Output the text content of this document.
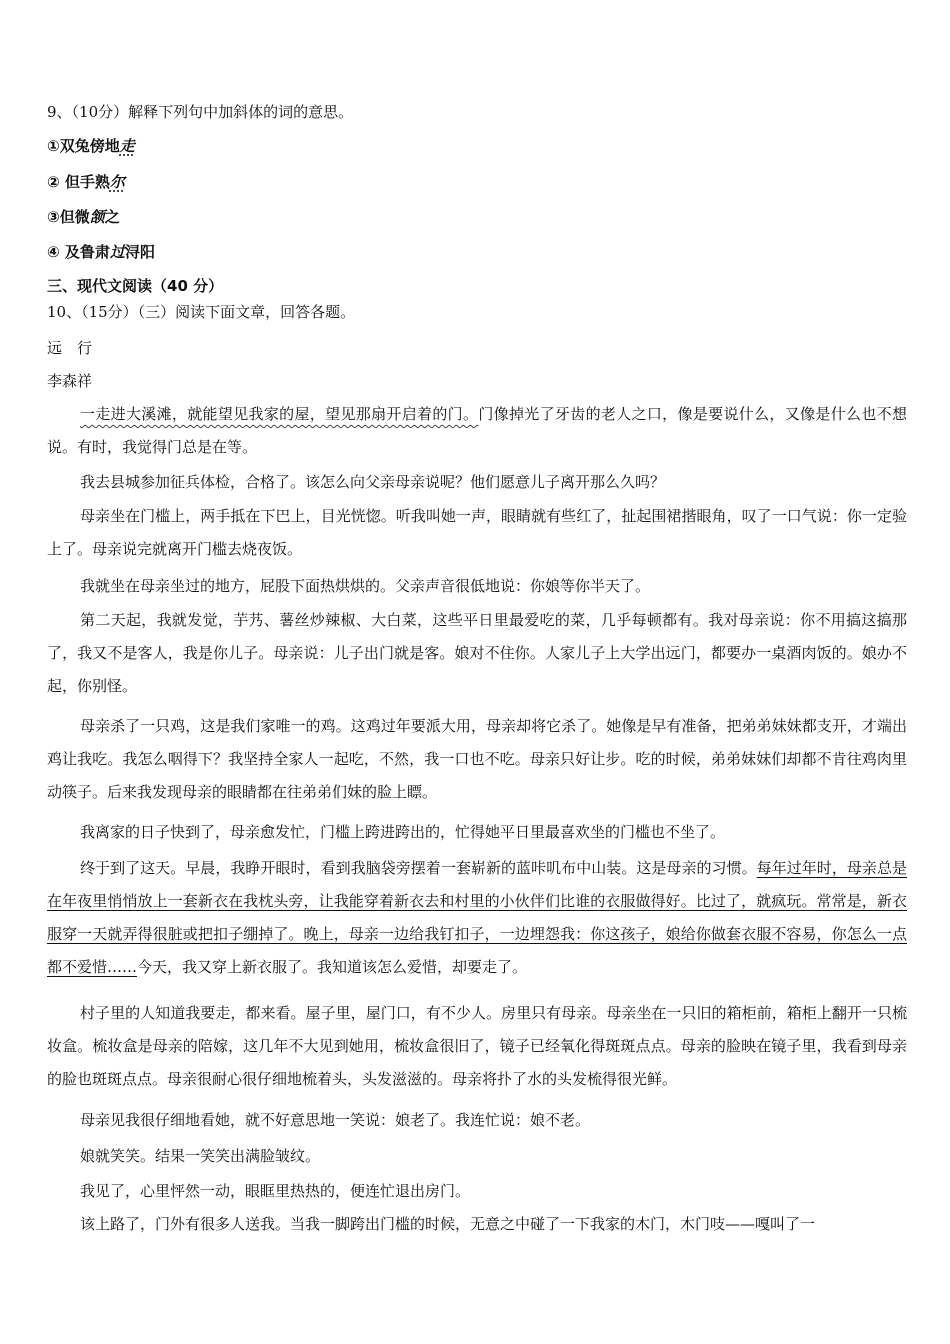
9、（10分）解释下列句中加斜体的词的意思。
①双兔傍地走
② 但手熟尔
③但微颔之
④ 及鲁肃过浔阳
三、现代文阅读（40 分）
10、（15分）（三）阅读下面文章，回答各题。
远　行
李森祥
一走进大溪滩，就能望见我家的屋，望见那扇开启着的门。门像掉光了牙齿的老人之口，像是要说什么，又像是什么也不想说。有时，我觉得门总是在等。
我去县城参加征兵体检，合格了。该怎么向父亲母亲说呢？他们愿意儿子离开那么久吗？
母亲坐在门槛上，两手抵在下巴上，目光恍惚。听我叫她一声，眼睛就有些红了，扯起围裙揩眼角，叹了一口气说：你一定验上了。母亲说完就离开门槛去烧夜饭。
我就坐在母亲坐过的地方，屁股下面热烘烘的。父亲声音很低地说：你娘等你半天了。
第二天起，我就发觉，芋艿、薯丝炒辣椒、大白菜，这些平日里最爱吃的菜，几乎每顿都有。我对母亲说：你不用搞这搞那了，我又不是客人，我是你儿子。母亲说：儿子出门就是客。娘对不住你。人家儿子上大学出远门，都要办一桌酒肉饭的。娘办不起，你别怪。
母亲杀了一只鸡，这是我们家唯一的鸡。这鸡过年要派大用，母亲却将它杀了。她像是早有准备，把弟弟妹妹都支开，才端出鸡让我吃。我怎么咽得下？我坚持全家人一起吃，不然，我一口也不吃。母亲只好让步。吃的时候，弟弟妹妹们却都不肯往鸡肉里动筷子。后来我发现母亲的眼睛都在往弟弟们妹的脸上瞟。
我离家的日子快到了，母亲愈发忙，门槛上跨进跨出的，忙得她平日里最喜欢坐的门槛也不坐了。
终于到了这天。早晨，我睁开眼时，看到我脑袋旁摆着一套崭新的蓝咔叽布中山装。这是母亲的习惯。每年过年时，母亲总是在年夜里悄悄放上一套新衣在我枕头旁，让我能穿着新衣去和村里的小伙伴们比谁的衣服做得好。比过了，就疯玩。常常是，新衣服穿一天就弄得很脏或把扣子绷掉了。晚上，母亲一边给我钉扣子，一边埋怨我：你这孩子，娘给你做套衣服不容易，你怎么一点都不爱惜……今天，我又穿上新衣服了。我知道该怎么爱惜，却要走了。
村子里的人知道我要走，都来看。屋子里，屋门口，有不少人。房里只有母亲。母亲坐在一只旧的箱柜前，箱柜上翻开一只梳妆盒。梳妆盒是母亲的陪嫁，这几年不大见到她用，梳妆盒很旧了，镜子已经氧化得斑斑点点。母亲的脸映在镜子里，我看到母亲的脸也斑斑点点。母亲很耐心很仔细地梳着头，头发滋滋的。母亲将扑了水的头发梳得很光鲜。
母亲见我很仔细地看她，就不好意思地一笑说：娘老了。我连忙说：娘不老。
娘就笑笑。结果一笑笑出满脸皱纹。
我见了，心里怦然一动，眼眶里热热的，便连忙退出房门。
该上路了，门外有很多人送我。当我一脚跨出门槛的时候，无意之中碰了一下我家的木门，木门吱——嘎叫了一
